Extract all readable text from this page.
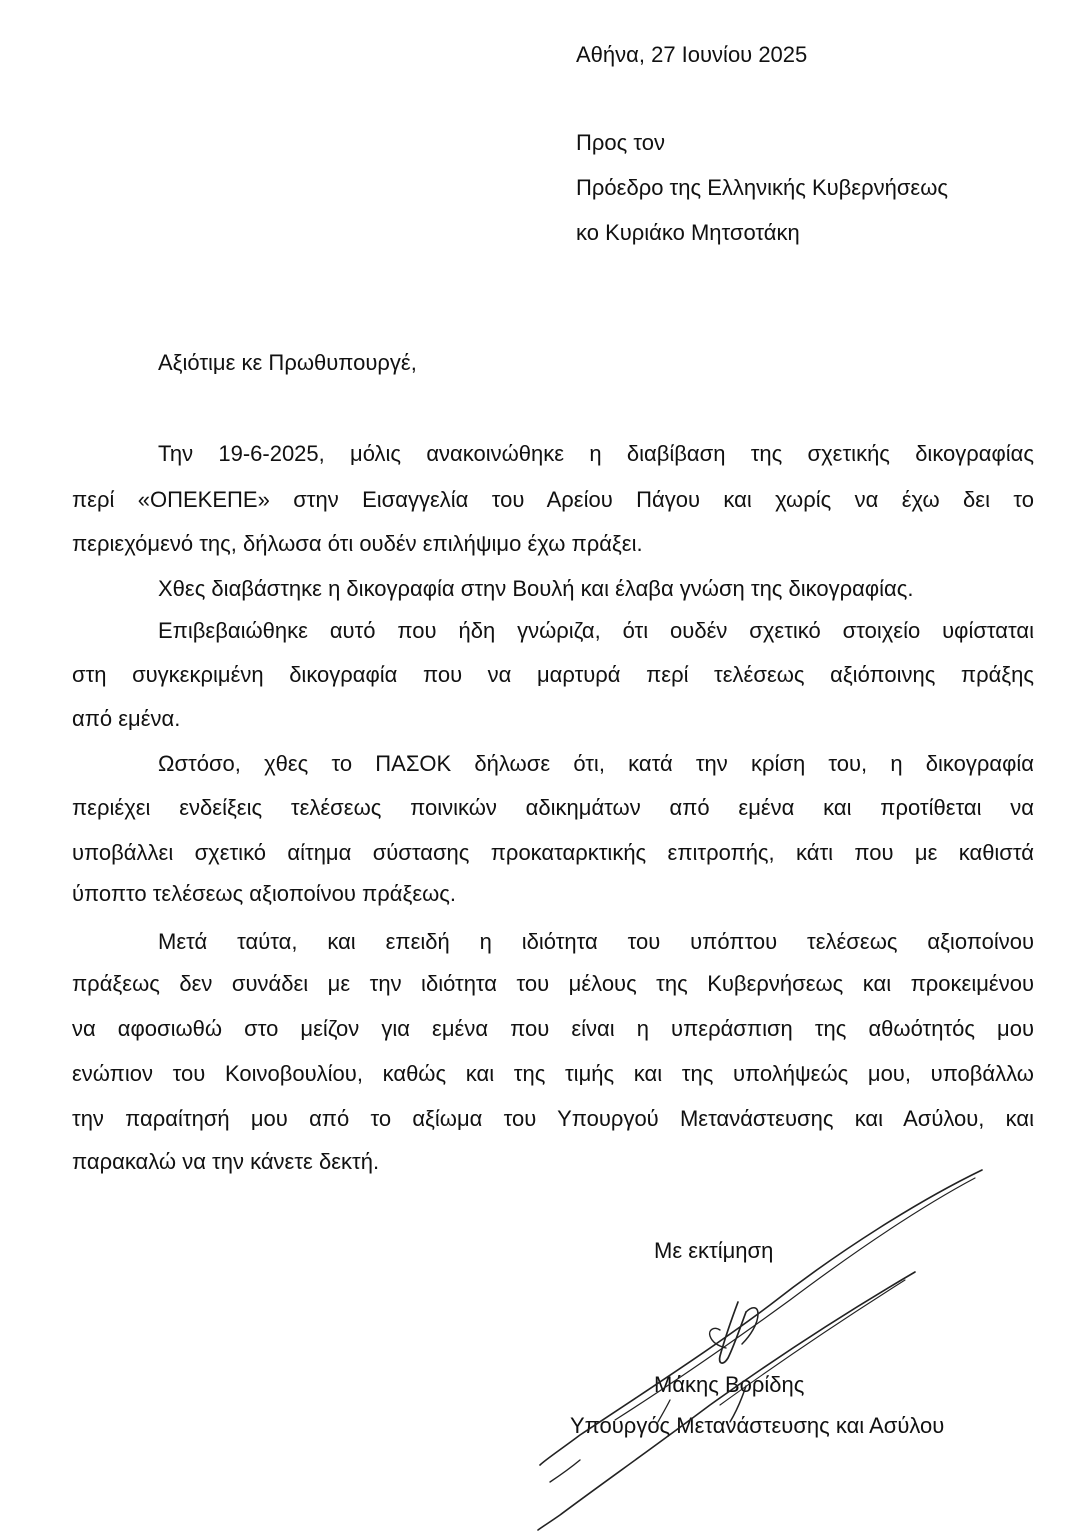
Αθήνα, 27 Ιουνίου 2025
Προς τον
Πρόεδρο της Ελληνικής Κυβερνήσεως
κο Κυριάκο Μητσοτάκη
Αξιότιμε κε Πρωθυπουργέ,
Την 19-6-2025, μόλις ανακοινώθηκε η διαβίβαση της σχετικής δικογραφίας
περί «ΟΠΕΚΕΠΕ» στην Εισαγγελία του Αρείου Πάγου και χωρίς να έχω δει το
περιεχόμενό της, δήλωσα ότι ουδέν επιλήψιμο έχω πράξει.
Χθες διαβάστηκε η δικογραφία στην Βουλή και έλαβα γνώση της δικογραφίας.
Επιβεβαιώθηκε αυτό που ήδη γνώριζα, ότι ουδέν σχετικό στοιχείο υφίσταται
στη συγκεκριμένη δικογραφία που να μαρτυρά περί τελέσεως αξιόποινης πράξης
από εμένα.
Ωστόσο, χθες το ΠΑΣΟΚ δήλωσε ότι, κατά την κρίση του, η δικογραφία
περιέχει ενδείξεις τελέσεως ποινικών αδικημάτων από εμένα και προτίθεται να
υποβάλλει σχετικό αίτημα σύστασης προκαταρκτικής επιτροπής, κάτι που με καθιστά
ύποπτο τελέσεως αξιοποίνου πράξεως.
Μετά ταύτα, και επειδή η ιδιότητα του υπόπτου τελέσεως αξιοποίνου
πράξεως δεν συνάδει με την ιδιότητα του μέλους της Κυβερνήσεως και προκειμένου
να αφοσιωθώ στο μείζον για εμένα που είναι η υπεράσπιση της αθωότητός μου
ενώπιον του Κοινοβουλίου, καθώς και της τιμής και της υπολήψεώς μου, υποβάλλω
την παραίτησή μου από το αξίωμα του Υπουργού Μετανάστευσης και Ασύλου, και
παρακαλώ να την κάνετε δεκτή.
Με εκτίμηση
Μάκης Βορίδης
Υπουργός Μετανάστευσης και Ασύλου
